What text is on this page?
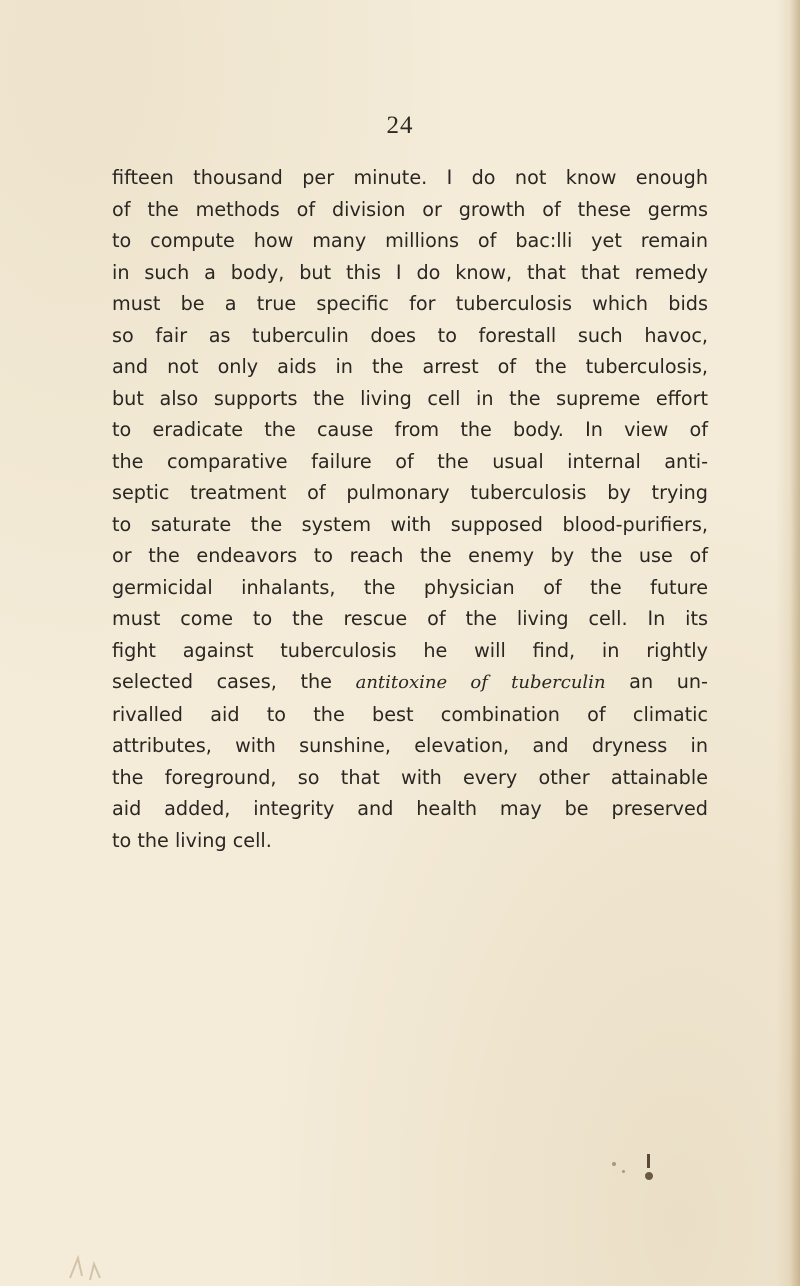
24
fifteen thousand per minute. I do not know enough
of the methods of division or growth of these germs
to compute how many millions of bac:lli yet remain
in such a body, but this I do know, that that remedy
must be a true specific for tuberculosis which bids
so fair as tuberculin does to forestall such havoc,
and not only aids in the arrest of the tuberculosis,
but also supports the living cell in the supreme effort
to eradicate the cause from the body. In view of
the comparative failure of the usual internal anti-
septic treatment of pulmonary tuberculosis by trying
to saturate the system with supposed blood-purifiers,
or the endeavors to reach the enemy by the use of
germicidal inhalants, the physician of the future
must come to the rescue of the living cell. In its
fight against tuberculosis he will find, in rightly
selected cases, the antitoxine of tuberculin an un-
rivalled aid to the best combination of climatic
attributes, with sunshine, elevation, and dryness in
the foreground, so that with every other attainable
aid added, integrity and health may be preserved
to the living cell.
